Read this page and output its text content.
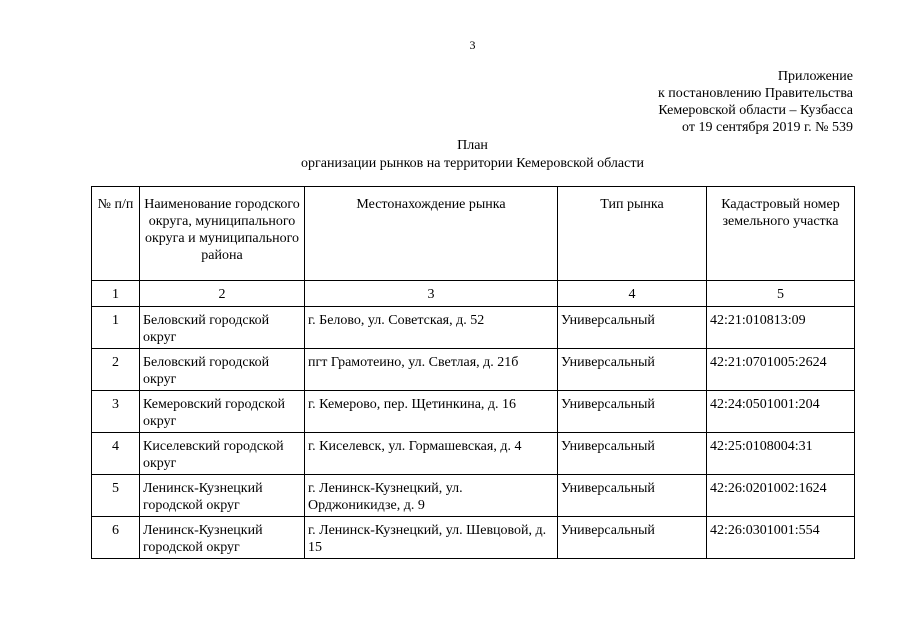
3
Приложение
к постановлению Правительства
Кемеровской области – Кузбасса
от 19 сентября 2019 г. № 539
План
организации рынков на территории Кемеровской области
№ п/п	Наименование городского округа, муниципального округа и муниципального района	Местонахождение рынка	Тип рынка	Кадастровый номер земельного участка
1	2	3	4	5
1	Беловский городской округ	г. Белово, ул. Советская, д. 52	Универсальный	42:21:010813:09
2	Беловский городской округ	пгт Грамотеино, ул. Светлая, д. 21б	Универсальный	42:21:0701005:2624
3	Кемеровский городской округ	г. Кемерово, пер. Щетинкина, д. 16	Универсальный	42:24:0501001:204
4	Киселевский городской округ	г. Киселевск, ул. Гормашевская, д. 4	Универсальный	42:25:0108004:31
5	Ленинск-Кузнецкий городской округ	г. Ленинск-Кузнецкий, ул. Орджоникидзе, д. 9	Универсальный	42:26:0201002:1624
6	Ленинск-Кузнецкий городской округ	г. Ленинск-Кузнецкий, ул. Шевцовой, д. 15	Универсальный	42:26:0301001:554
